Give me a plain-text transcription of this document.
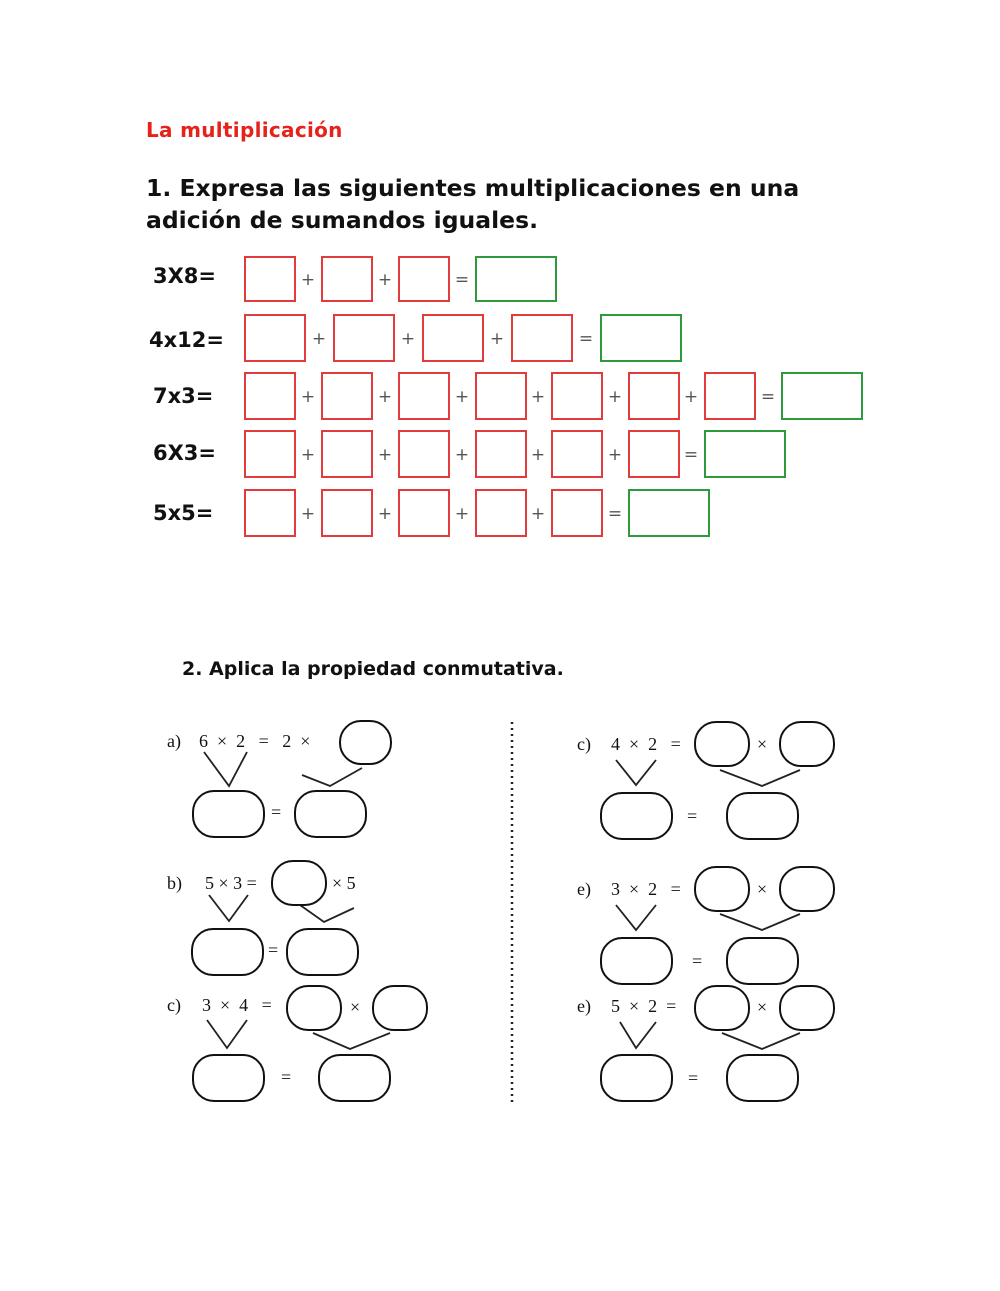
La multiplicación
1. Expresa las siguientes multiplicaciones en una
adición de sumandos iguales.
3X8=	+	+	=
4x12=	+	+	+	=
7x3=	+	+	+	+	+	+	=
6X3=	+	+	+	+	+	=
5x5=	+	+	+	+	=
2. Aplica la propiedad conmutativa.
a) 6  ×  2   =   2  ×
=
b) 5 × 3 =	× 5
=
c) 3  ×  4   =	×
=
c) 4  ×  2   =	×
=
e) 3  ×  2   =	×
=
e) 5  ×  2  =	×
=
